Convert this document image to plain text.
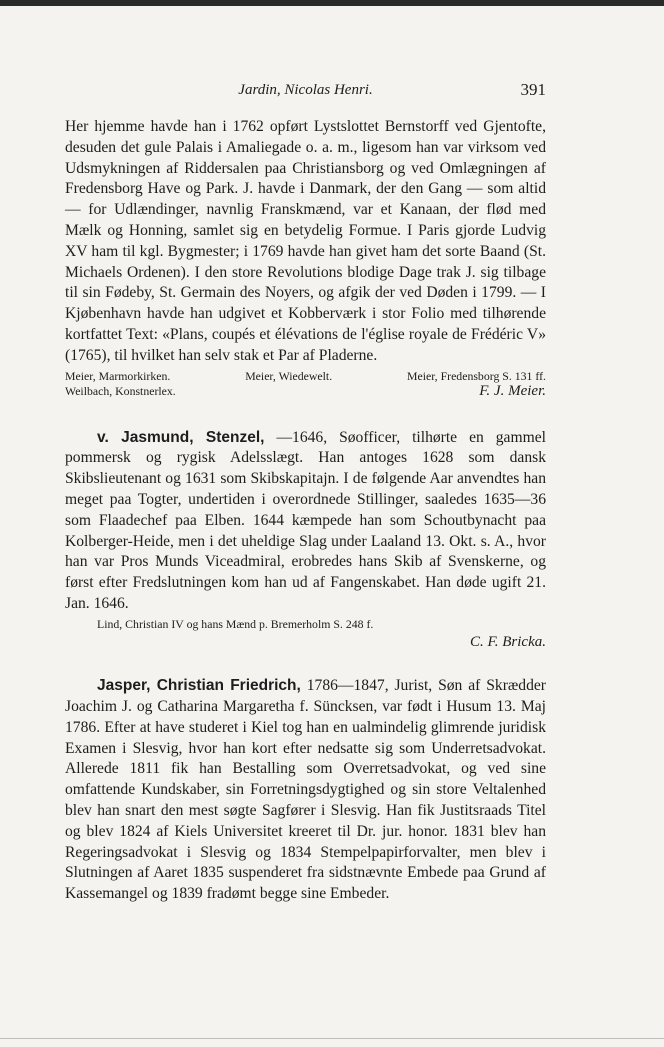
Jardin, Nicolas Henri.	391

Her hjemme havde han i 1762 opført Lystslottet Bernstorff ved Gjentofte, desuden det gule Palais i Amaliegade o. a. m., ligesom han var virksom ved Udsmykningen af Riddersalen paa Christiansborg og ved Omlægningen af Fredensborg Have og Park. J. havde i Danmark, der den Gang — som altid — for Udlændinger, navnlig Franskmænd, var et Kanaan, der flød med Mælk og Honning, samlet sig en betydelig Formue. I Paris gjorde Ludvig XV ham til kgl. Bygmester; i 1769 havde han givet ham det sorte Baand (St. Michaels Ordenen). I den store Revolutions blodige Dage trak J. sig tilbage til sin Fødeby, St. Germain des Noyers, og afgik der ved Døden i 1799. — I Kjøbenhavn havde han udgivet et Kobberværk i stor Folio med tilhørende kortfattet Text: «Plans, coupés et élévations de l'église royale de Frédéric V» (1765), til hvilket han selv stak et Par af Pladerne.

Meier, Marmorkirken.	Meier, Wiedewelt.	Meier, Fredensborg S. 131 ff.
Weilbach, Konstnerlex.	F. J. Meier.

v. Jasmund, Stenzel, —1646, Søofficer, tilhørte en gammel pommersk og rygisk Adelsslægt. Han antoges 1628 som dansk Skibslieutenant og 1631 som Skibskapitajn. I de følgende Aar anvendtes han meget paa Togter, undertiden i overordnede Stillinger, saaledes 1635—36 som Flaadechef paa Elben. 1644 kæmpede han som Schoutbynacht paa Kolberger-Heide, men i det uheldige Slag under Laaland 13. Okt. s. A., hvor han var Pros Munds Viceadmiral, erobredes hans Skib af Svenskerne, og først efter Fredslutningen kom han ud af Fangenskabet. Han døde ugift 21. Jan. 1646.

Lind, Christian IV og hans Mænd p. Bremerholm S. 248 f.

C. F. Bricka.

Jasper, Christian Friedrich, 1786—1847, Jurist, Søn af Skrædder Joachim J. og Catharina Margaretha f. Süncksen, var født i Husum 13. Maj 1786. Efter at have studeret i Kiel tog han en ualmindelig glimrende juridisk Examen i Slesvig, hvor han kort efter nedsatte sig som Underretsadvokat. Allerede 1811 fik han Bestalling som Overretsadvokat, og ved sine omfattende Kundskaber, sin Forretningsdygtighed og sin store Veltalenhed blev han snart den mest søgte Sagfører i Slesvig. Han fik Justitsraads Titel og blev 1824 af Kiels Universitet kreeret til Dr. jur. honor. 1831 blev han Regeringsadvokat i Slesvig og 1834 Stempelpapirforvalter, men blev i Slutningen af Aaret 1835 suspenderet fra sidstnævnte Embede paa Grund af Kassemangel og 1839 fradømt begge sine Embeder.
